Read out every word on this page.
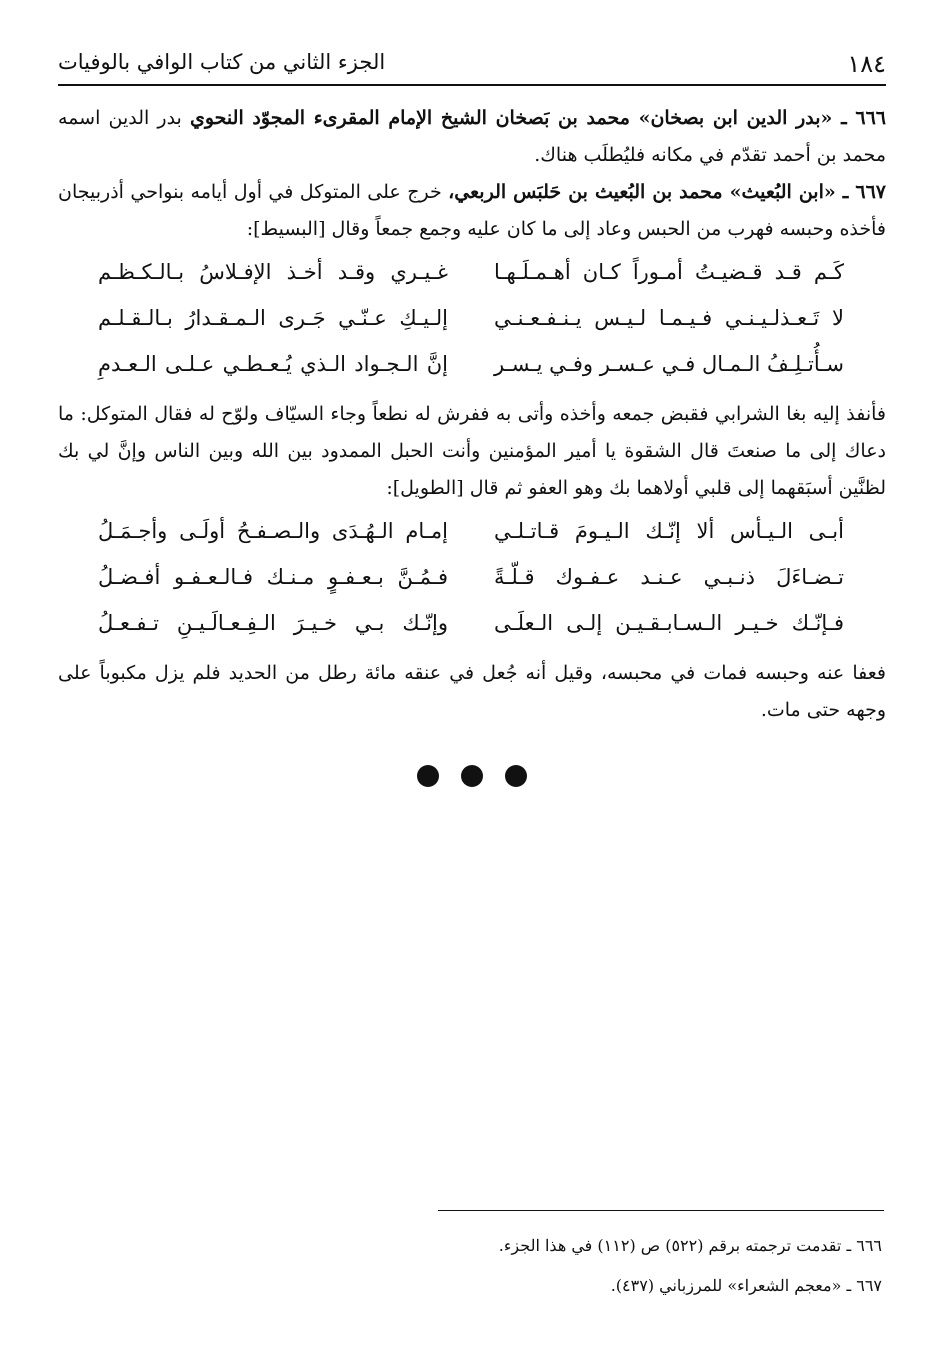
١٨٤
الجزء الثاني من كتاب الوافي بالوفيات

٦٦٦ ـ «بدر الدين ابن بصخان» محمد بن بَصخان الشيخ الإمام المقرىء المجوّد النحوي بدر الدين اسمه محمد بن أحمد تقدّم في مكانه فليُطلَب هناك.

٦٦٧ ـ «ابن البُعيث» محمد بن البُعيث بن حَلبَس الربعي، خرج على المتوكل في أول أيامه بنواحي أذربيجان فأخذه وحبسه فهرب من الحبس وعاد إلى ما كان عليه وجمع جمعاً وقال [البسيط]:

كَـم قـد قـضيـتُ أمـوراً كـان أهـمـلَـهـا
غـيـري وقـد أخـذ الإفـلاسُ بـالـكـظـم
لا تَـعـذلـيـنـي فـيـمـا لـيـس يـنـفـعـنـي
إلـيـكِ عـنّـي جَـرى الـمـقـدارُ بـالـقـلـم
سـأُتـلِـفُ الـمـال فـي عـسـر وفـي يـسـر
إنَّ الـجـواد الـذي يُـعـطـي عـلـى الـعـدمِ

فأنفذ إليه بغا الشرابي فقبض جمعه وأخذه وأتى به ففرش له نطعاً وجاء السيّاف ولوّح له فقال المتوكل: ما دعاك إلى ما صنعتَ قال الشقوة يا أمير المؤمنين وأنت الحبل الممدود بين الله وبين الناس وإنَّ لي بك لظنَّين أسبَقهما إلى قلبي أولاهما بك وهو العفو ثم قال [الطويل]:

أبـى الـيـأس ألا إنّـك الـيـومَ قـاتـلـي
إمـام الـهُـدَى والـصـفـحُ أولَـى وأجـمَـلُ
تـضـاءَلَ ذنـبـي عـنـد عـفـوك قـلّـةً
فـمُـنَّ بـعـفـوٍ مـنـك فـالـعـفـو أفـضـلُ
فـإنّـك خـيـر الـسـابـقـيـن إلـى الـعلَـى
وإنّـك بـي خـيـرَ الـفِـعـالَـيـنِ تـفـعـلُ

فعفا عنه وحبسه فمات في محبسه، وقيل أنه جُعل في عنقه مائة رطل من الحديد فلم يزل مكبوباً على وجهه حتى مات.

٦٦٦ ـ تقدمت ترجمته برقم (٥٢٢) ص (١١٢) في هذا الجزء.

٦٦٧ ـ «معجم الشعراء» للمرزباني (٤٣٧).
